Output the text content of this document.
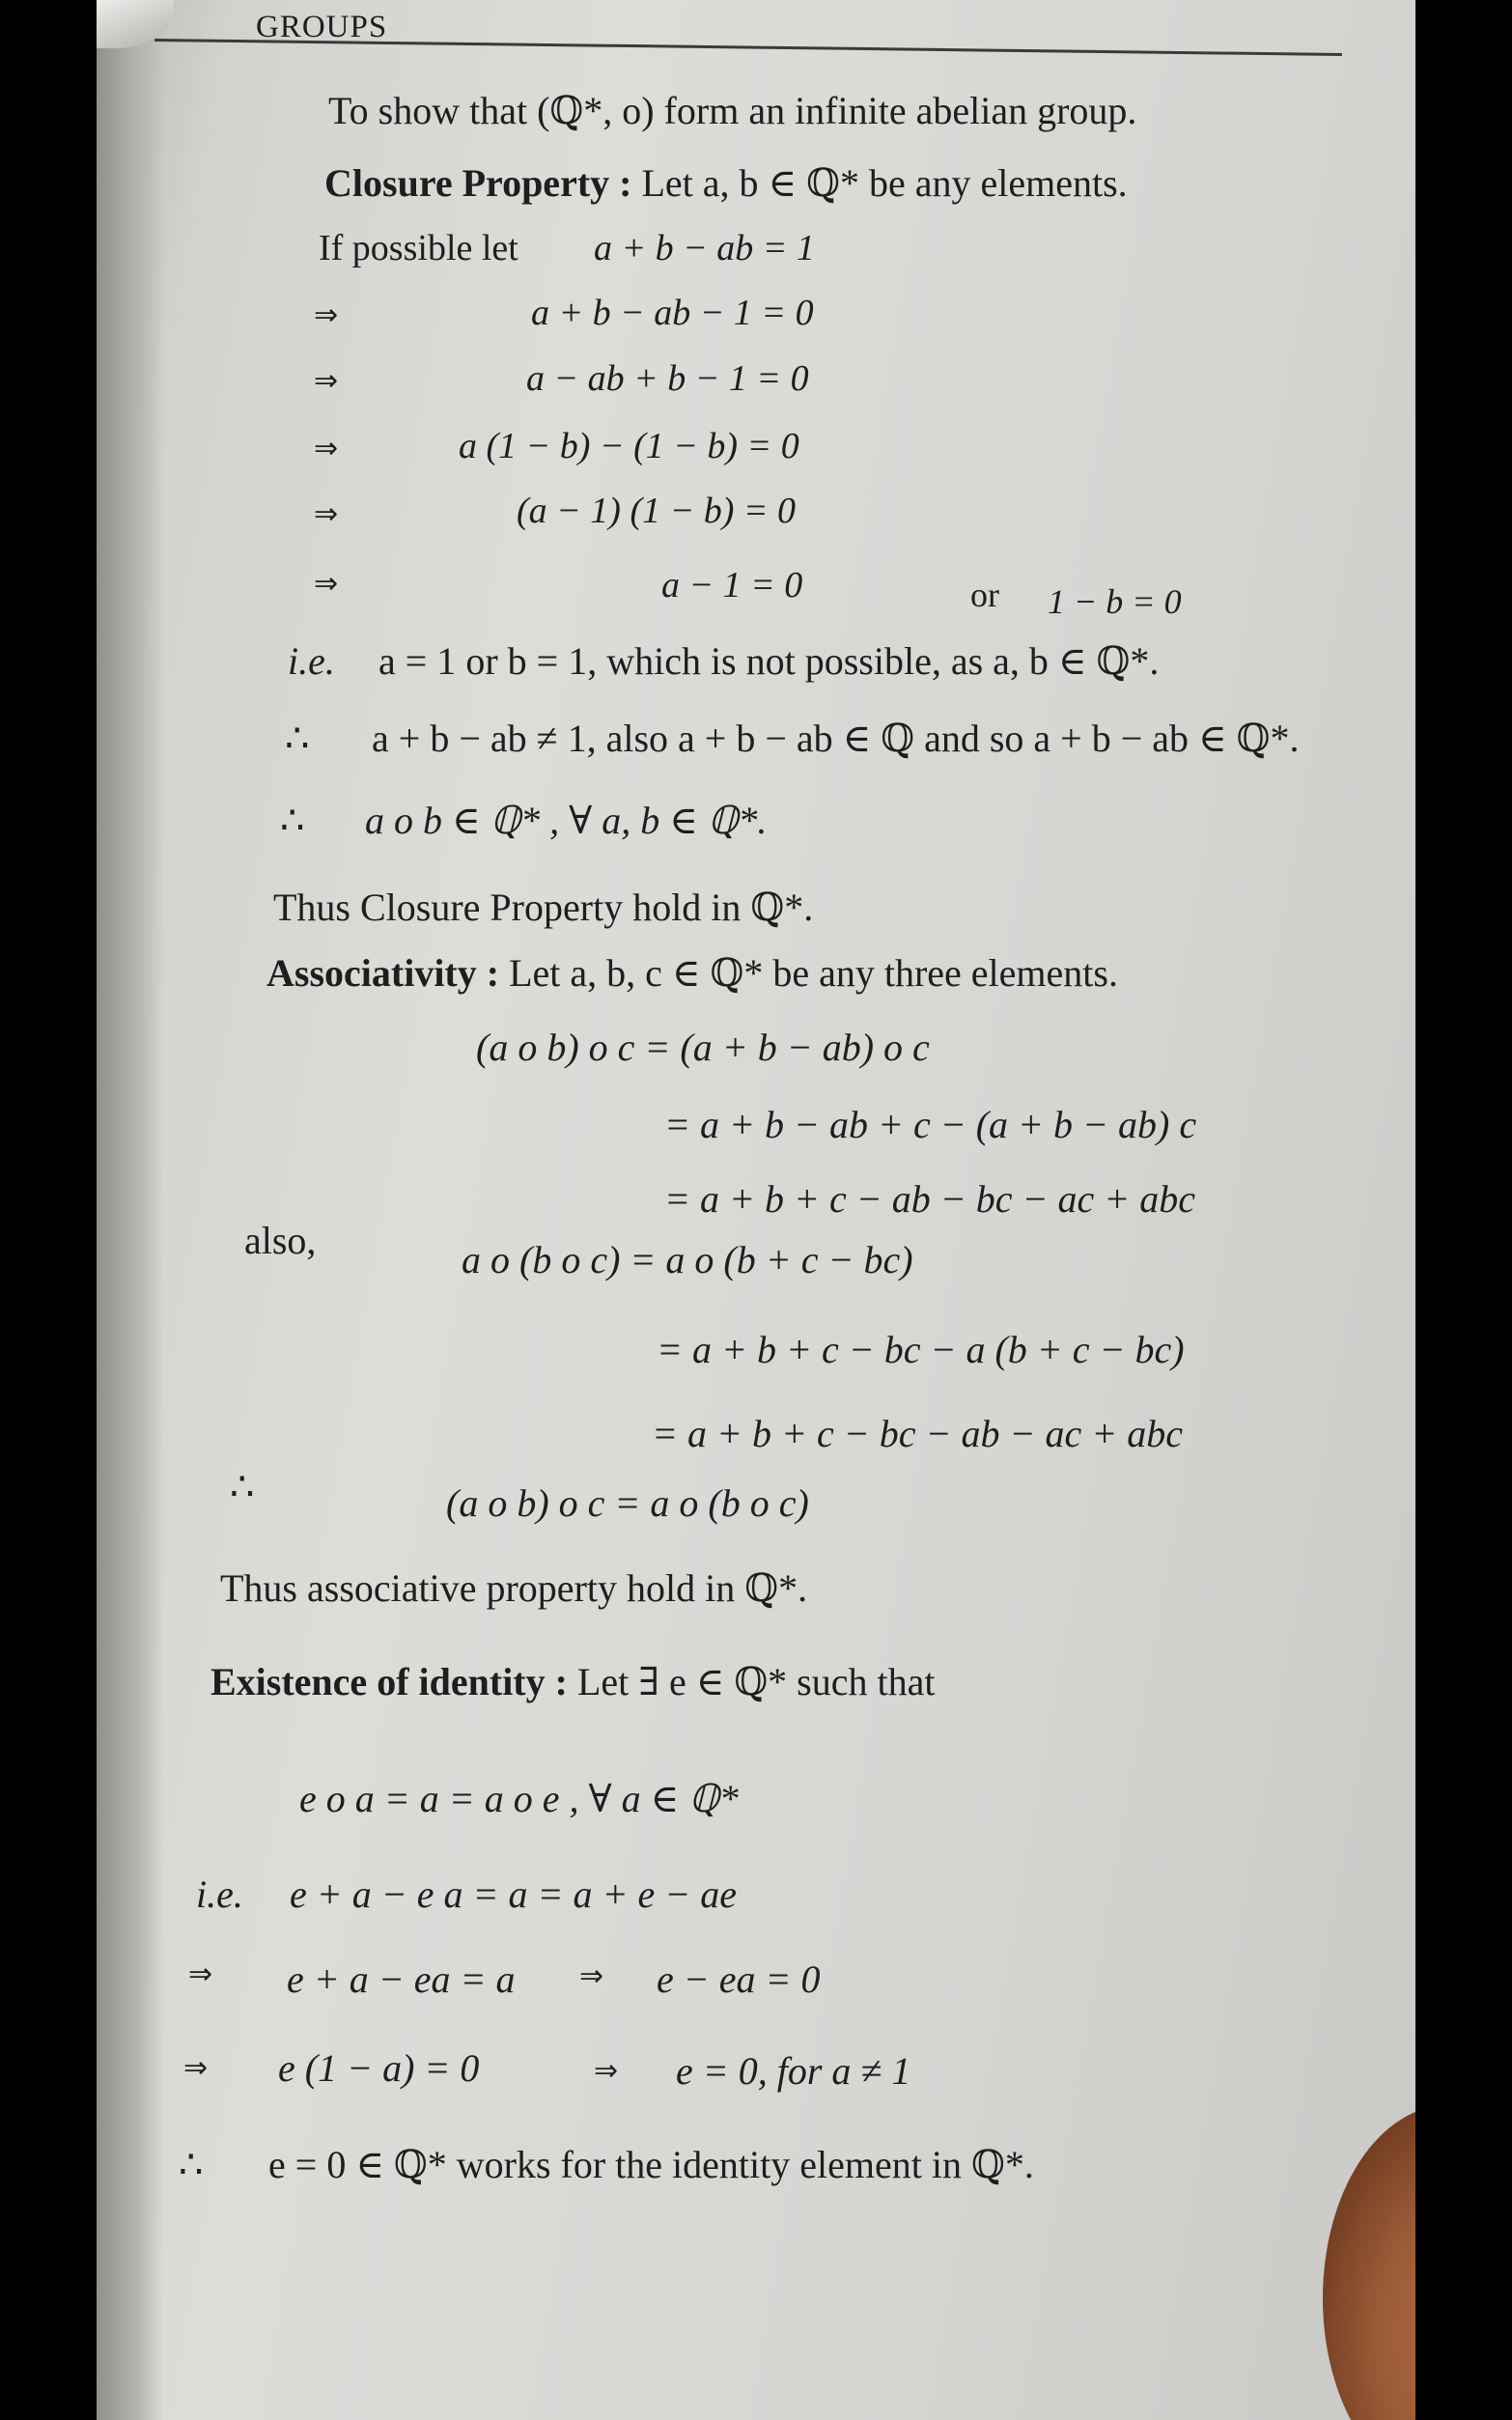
GROUPS
To show that (ℚ*, o) form an infinite abelian group.
Closure Property : Let a, b ∈ ℚ* be any elements.
If possible let a + b − ab = 1
⇒	a + b − ab − 1 = 0
⇒	a − ab + b − 1 = 0
⇒	a (1 − b) − (1 − b) = 0
⇒	(a − 1) (1 − b) = 0
⇒	a − 1 = 0	or 1 − b = 0
i.e. a = 1 or b = 1, which is not possible, as a, b ∈ ℚ*.
∴ a + b − ab ≠ 1, also a + b − ab ∈ ℚ and so a + b − ab ∈ ℚ*.
∴ a o b ∈ ℚ* , ∀ a, b ∈ ℚ*.
Thus Closure Property hold in ℚ*.
Associativity : Let a, b, c ∈ ℚ* be any three elements.
(a o b) o c = (a + b − ab) o c
= a + b − ab + c − (a + b − ab) c
= a + b + c − ab − bc − ac + abc
also,	a o (b o c) = a o (b + c − bc)
= a + b + c − bc − a (b + c − bc)
= a + b + c − bc − ab − ac + abc
∴	(a o b) o c = a o (b o c)
Thus associative property hold in ℚ*.
Existence of identity : Let ∃ e ∈ ℚ* such that
e o a = a = a o e , ∀ a ∈ ℚ*
i.e. e + a − e a = a = a + e − ae
⇒ e + a − ea = a ⇒ e − ea = 0
⇒ e (1 − a) = 0	⇒ e = 0, for a ≠ 1
∴ e = 0 ∈ ℚ* works for the identity element in ℚ*.
